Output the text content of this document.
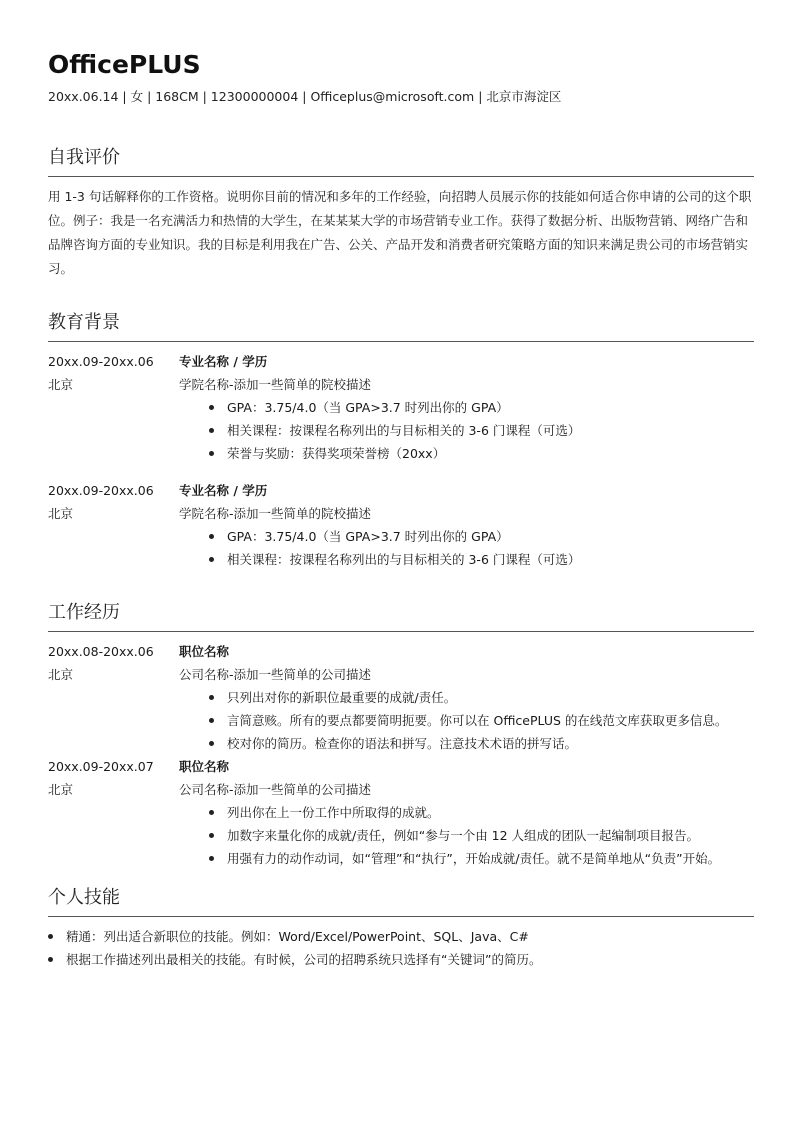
OfficePLUS
20xx.06.14 | 女 | 168CM | 12300000004 | Officeplus@microsoft.com | 北京市海淀区
自我评价
用 1-3 句话解释你的工作资格。说明你目前的情况和多年的工作经验，向招聘人员展示你的技能如何适合你申请的公司的这个职位。例子：我是一名充满活力和热情的大学生，在某某某大学的市场营销专业工作。获得了数据分析、出版物营销、网络广告和品牌咨询方面的专业知识。我的目标是利用我在广告、公关、产品开发和消费者研究策略方面的知识来满足贵公司的市场营销实习。
教育背景
20xx.09-20xx.06
北京
专业名称 / 学历
学院名称-添加一些简单的院校描述
GPA：3.75/4.0（当 GPA>3.7 时列出你的 GPA）
相关课程：按课程名称列出的与目标相关的 3-6 门课程（可选）
荣誉与奖励：获得奖项荣誉榜（20xx）
20xx.09-20xx.06
北京
专业名称 / 学历
学院名称-添加一些简单的院校描述
GPA：3.75/4.0（当 GPA>3.7 时列出你的 GPA）
相关课程：按课程名称列出的与目标相关的 3-6 门课程（可选）
工作经历
20xx.08-20xx.06
北京
职位名称
公司名称-添加一些简单的公司描述
只列出对你的新职位最重要的成就/责任。
言简意赅。所有的要点都要简明扼要。你可以在 OfficePLUS 的在线范文库获取更多信息。
校对你的简历。检查你的语法和拼写。注意技术术语的拼写话。
20xx.09-20xx.07
北京
职位名称
公司名称-添加一些简单的公司描述
列出你在上一份工作中所取得的成就。
加数字来量化你的成就/责任，例如“参与一个由 12 人组成的团队一起编制项目报告。
用强有力的动作动词，如“管理”和“执行”，开始成就/责任。就不是简单地从“负责”开始。
个人技能
精通：列出适合新职位的技能。例如：Word/Excel/PowerPoint、SQL、Java、C#
根据工作描述列出最相关的技能。有时候，公司的招聘系统只选择有“关键词”的简历。
